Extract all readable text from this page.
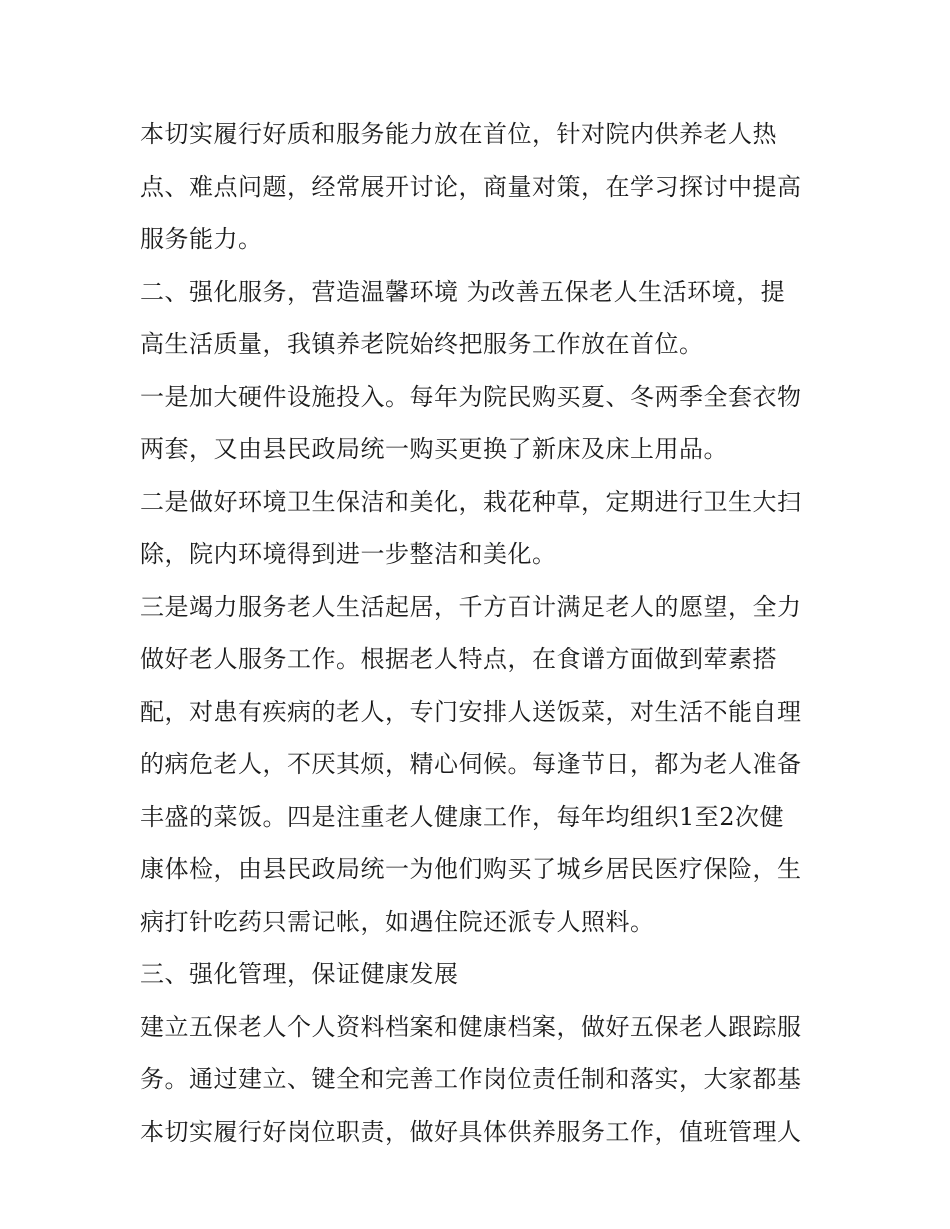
本切实履行好质和服务能力放在首位，针对院内供养老人热
点、难点问题，经常展开讨论，商量对策，在学习探讨中提高
服务能力。
二、强化服务，营造温馨环境 为改善五保老人生活环境，提
高生活质量，我镇养老院始终把服务工作放在首位。
一是加大硬件设施投入。每年为院民购买夏、冬两季全套衣物
两套，又由县民政局统一购买更换了新床及床上用品。
二是做好环境卫生保洁和美化，栽花种草，定期进行卫生大扫
除，院内环境得到进一步整洁和美化。
三是竭力服务老人生活起居，千方百计满足老人的愿望，全力
做好老人服务工作。根据老人特点，在食谱方面做到荤素搭
配，对患有疾病的老人，专门安排人送饭菜，对生活不能自理
的病危老人，不厌其烦，精心伺候。每逢节日，都为老人准备
丰盛的菜饭。四是注重老人健康工作，每年均组织1至2次健
康体检，由县民政局统一为他们购买了城乡居民医疗保险，生
病打针吃药只需记帐，如遇住院还派专人照料。
三、强化管理，保证健康发展
建立五保老人个人资料档案和健康档案，做好五保老人跟踪服
务。通过建立、键全和完善工作岗位责任制和落实，大家都基
本切实履行好岗位职责，做好具体供养服务工作，值班管理人
